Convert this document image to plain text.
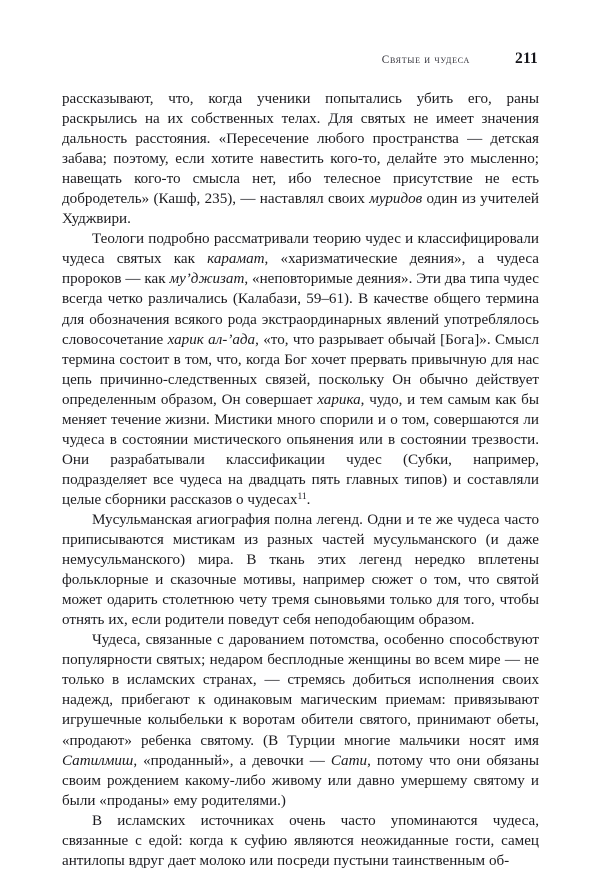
Святые и чудеса	211

рассказывают, что, когда ученики попытались убить его, раны раскрылись на их собственных телах. Для святых не имеет значения дальность расстояния. «Пересечение любого пространства — детская забава; поэтому, если хотите навестить кого-то, делайте это мысленно; навещать кого-то смысла нет, ибо телесное присутствие не есть добродетель» (Кашф, 235), — наставлял своих муридов один из учителей Худжвири.

Теологи подробно рассматривали теорию чудес и классифицировали чудеса святых как карамат, «харизматические деяния», а чудеса пророков — как му’джизат, «неповторимые деяния». Эти два типа чудес всегда четко различались (Калабази, 59–61). В качестве общего термина для обозначения всякого рода экстраординарных явлений употреблялось словосочетание харик ал-’ада, «то, что разрывает обычай [Бога]». Смысл термина состоит в том, что, когда Бог хочет прервать привычную для нас цепь причинно-следственных связей, поскольку Он обычно действует определенным образом, Он совершает харика, чудо, и тем самым как бы меняет течение жизни. Мистики много спорили и о том, совершаются ли чудеса в состоянии мистического опьянения или в состоянии трезвости. Они разрабатывали классификации чудес (Субки, например, подразделяет все чудеса на двадцать пять главных типов) и составляли целые сборники рассказов о чудесах$^{11}$.

Мусульманская агиография полна легенд. Одни и те же чудеса часто приписываются мистикам из разных частей мусульманского (и даже немусульманского) мира. В ткань этих легенд нередко вплетены фольклорные и сказочные мотивы, например сюжет о том, что святой может одарить столетнюю чету тремя сыновьями только для того, чтобы отнять их, если родители поведут себя неподобающим образом.

Чудеса, связанные с дарованием потомства, особенно способствуют популярности святых; недаром бесплодные женщины во всем мире — не только в исламских странах, — стремясь добиться исполнения своих надежд, прибегают к одинаковым магическим приемам: привязывают игрушечные колыбельки к воротам обители святого, принимают обеты, «продают» ребенка святому. (В Турции многие мальчики носят имя Сатилмиш, «проданный», а девочки — Сати, потому что они обязаны своим рождением какому-либо живому или давно умершему святому и были «проданы» ему родителями.)

В исламских источниках очень часто упоминаются чудеса, связанные с едой: когда к суфию являются неожиданные гости, самец антилопы вдруг дает молоко или посреди пустыни таинственным об-
